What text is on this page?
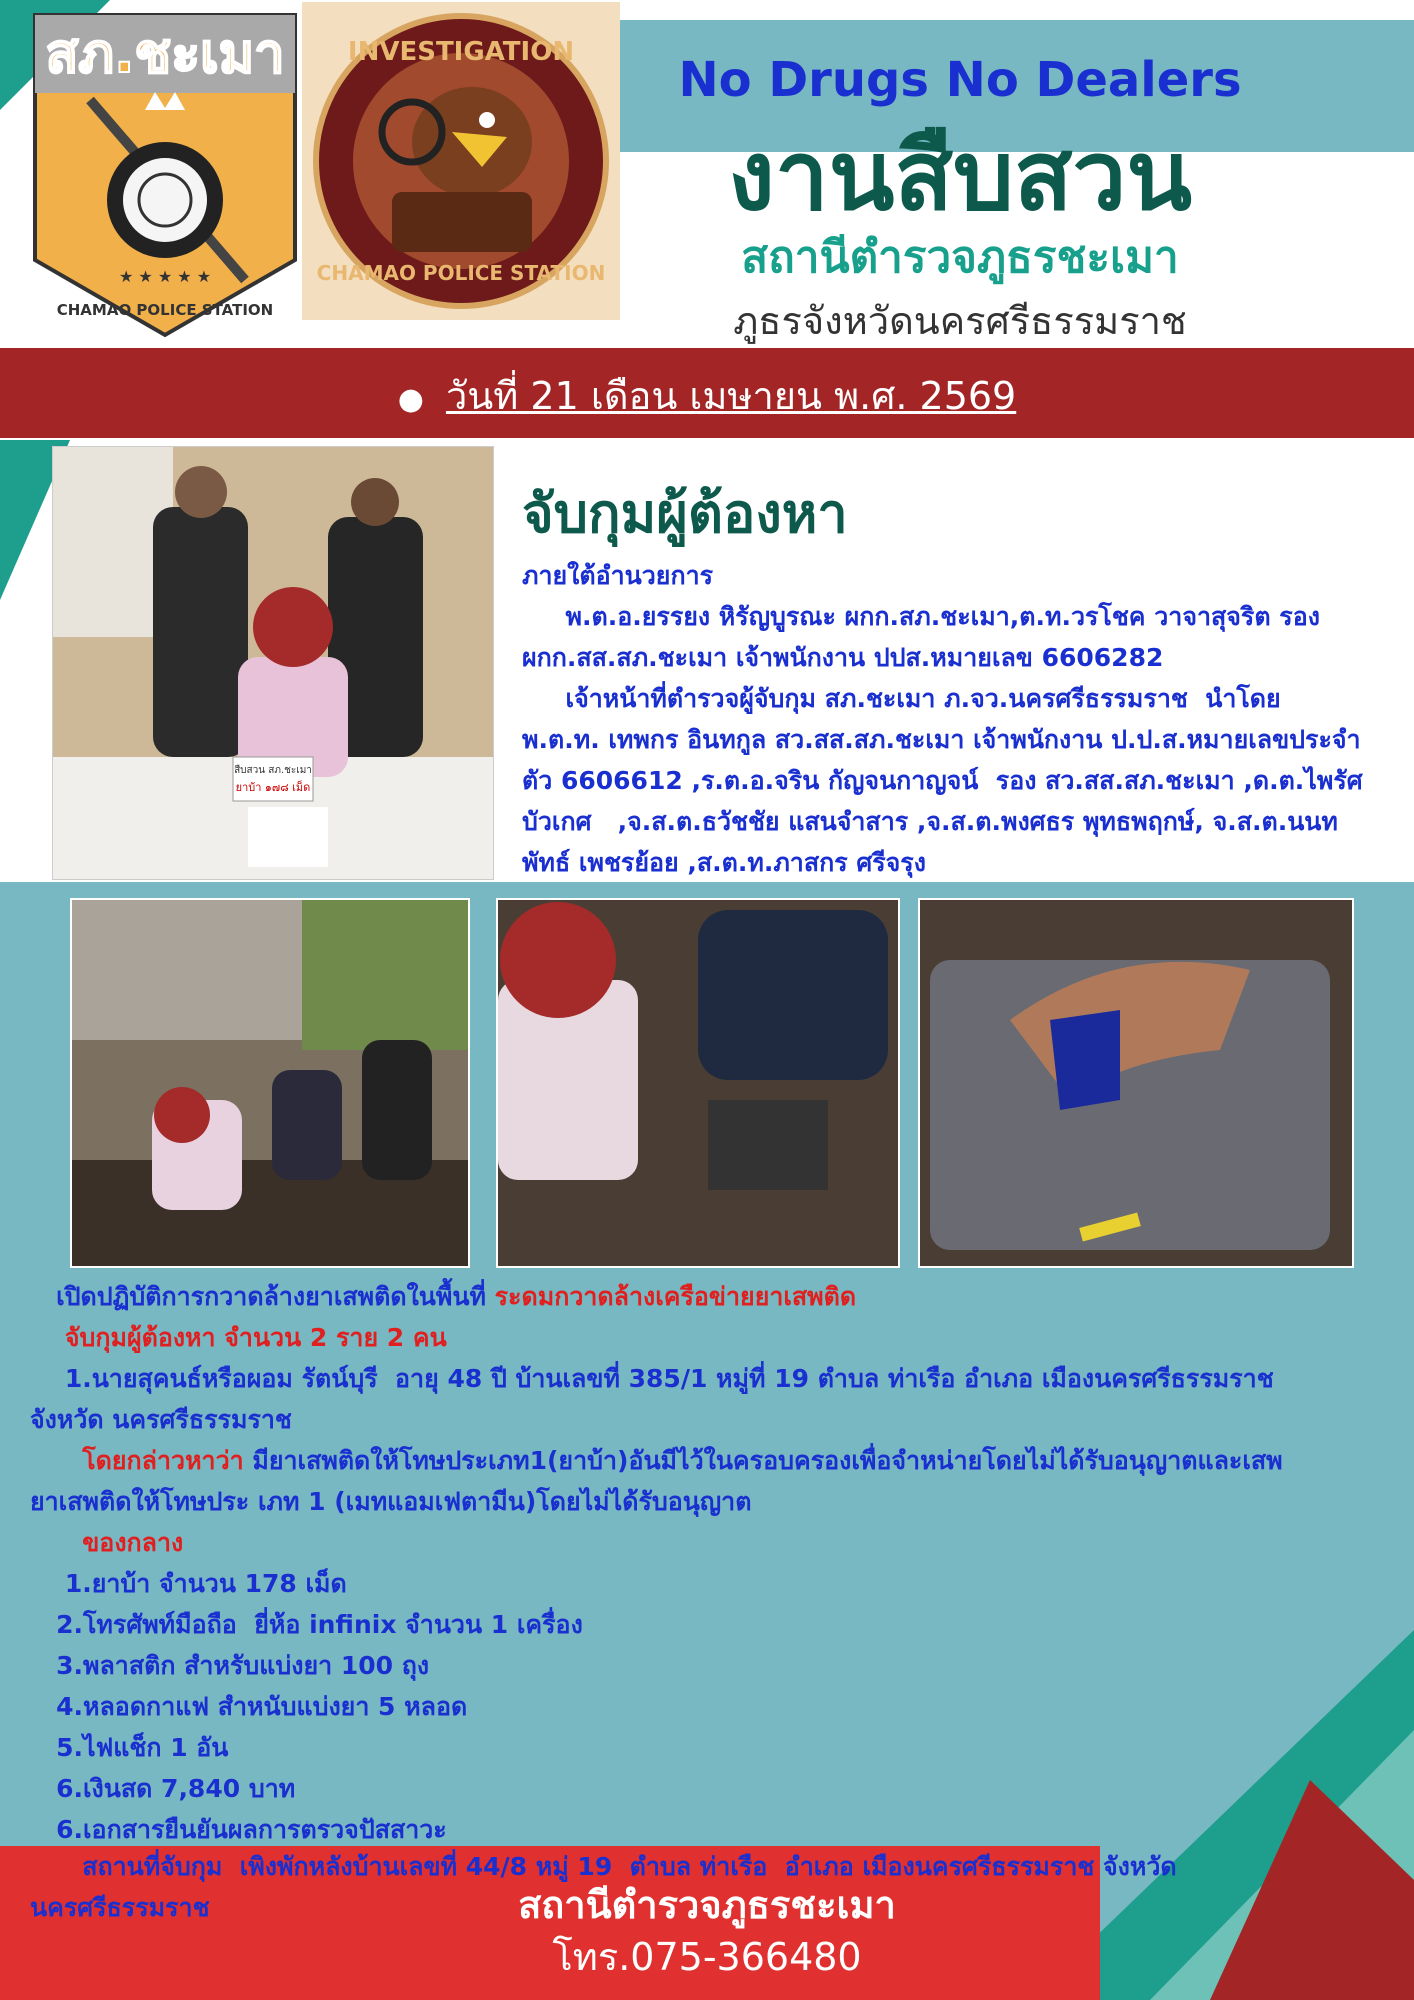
No Drugs No Dealers
งานสืบสวน
สถานีตำรวจภูธรชะเมา
ภูธรจังหวัดนครศรีธรรมราช
สภ.ชะเมา
★ ★ ★ ★ ★
CHAMAO POLICE STATION
INVESTIGATION
CHAMAO POLICE STATION
● วันที่ 21 เดือน เมษายน พ.ศ. 2569
สืบสวน สภ.ชะเมา
ยาบ้า ๑๗๘ เม็ด
จับกุมผู้ต้องหา
ภายใต้อำนวยการ
พ.ต.อ.ยรรยง หิรัญบูรณะ ผกก.สภ.ชะเมา,ต.ท.วรโชค วาจาสุจริต รอง
ผกก.สส.สภ.ชะเมา เจ้าพนักงาน ปปส.หมายเลข 6606282
เจ้าหน้าที่ตำรวจผู้จับกุม สภ.ชะเมา ภ.จว.นครศรีธรรมราช  นำโดย
พ.ต.ท. เทพกร อินทกูล สว.สส.สภ.ชะเมา เจ้าพนักงาน ป.ป.ส.หมายเลขประจำ
ตัว 6606612 ,ร.ต.อ.จริน กัญจนกาญจน์  รอง สว.สส.สภ.ชะเมา ,ด.ต.ไพรัศ
บัวเกศ   ,จ.ส.ต.ธวัชชัย แสนจำสาร ,จ.ส.ต.พงศธร พุทธพฤกษ์, จ.ส.ต.นนท
พัทธ์ เพชรย้อย ,ส.ต.ท.ภาสกร ศรีจรุง
เปิดปฏิบัติการกวาดล้างยาเสพติดในพื้นที่ ระดมกวาดล้างเครือข่ายยาเสพติด
จับกุมผู้ต้องหา จำนวน 2 ราย 2 คน
1.นายสุคนธ์หรือผอม รัตน์บุรี  อายุ 48 ปี บ้านเลขที่ 385/1 หมู่ที่ 19 ตำบล ท่าเรือ อำเภอ เมืองนครศรีธรรมราช
จังหวัด นครศรีธรรมราช
โดยกล่าวหาว่า มียาเสพติดให้โทษประเภท1(ยาบ้า)อันมีไว้ในครอบครองเพื่อจำหน่ายโดยไม่ได้รับอนุญาตและเสพ
ยาเสพติดให้โทษประ เภท 1 (เมทแอมเฟตามีน)โดยไม่ได้รับอนุญาต
ของกลาง
1.ยาบ้า จำนวน 178 เม็ด
2.โทรศัพท์มือถือ  ยี่ห้อ infinix จำนวน 1 เครื่อง
3.พลาสติก สำหรับแบ่งยา 100 ถุง
4.หลอดกาแฟ สำหนับแบ่งยา 5 หลอด
5.ไฟแช็ก 1 อัน
6.เงินสด 7,840 บาท
6.เอกสารยืนยันผลการตรวจปัสสาวะ
สถานที่จับกุม  เพิงพักหลังบ้านเลขที่ 44/8 หมู่ 19  ตำบล ท่าเรือ  อำเภอ เมืองนครศรีธรรมราช จังหวัด
นครศรีธรรมราช	สถานีตำรวจภูธรชะเมา
โทร.075-366480
